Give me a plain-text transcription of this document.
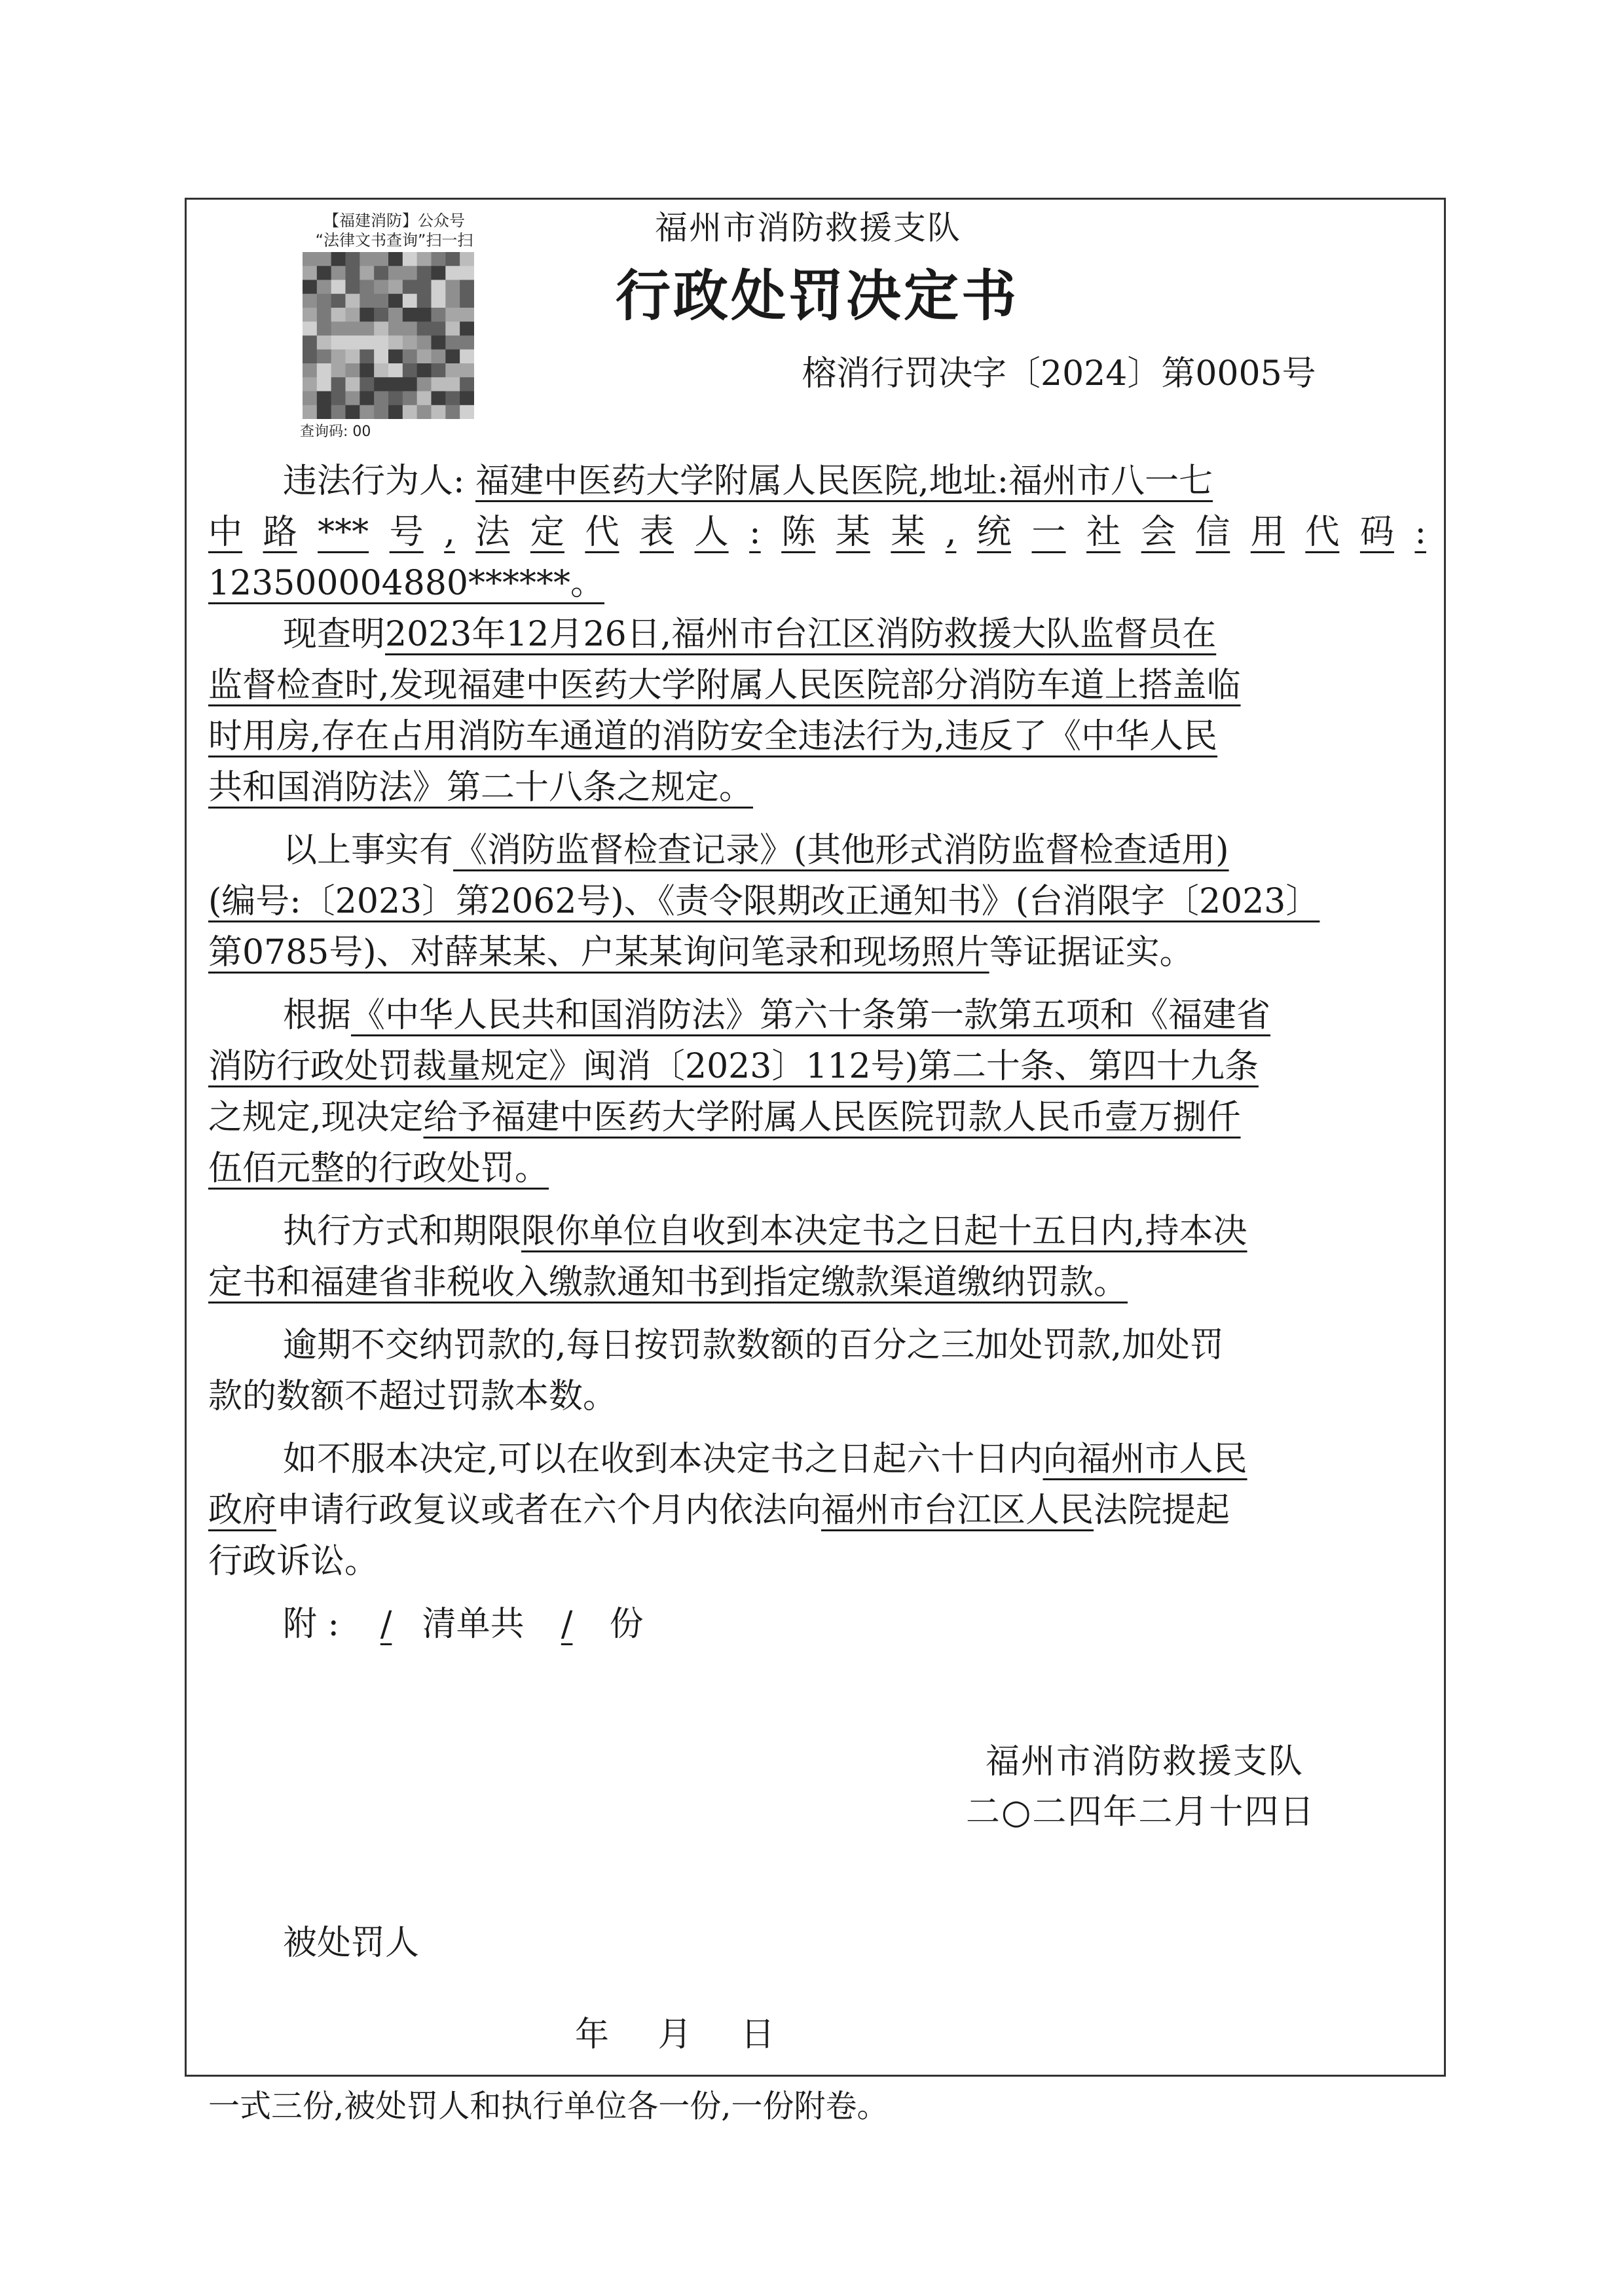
【福建消防】公众号
“法律文书查询”扫一扫
查询码: 00
福州市消防救援支队
行政处罚决定书
榕消行罚决字〔2024〕第0005号
违法行为人: 福建中医药大学附属人民医院,地址:福州市八一七
中 路 *** 号 , 法 定 代 表 人 : 陈 某 某 , 统 一 社 会 信 用 代 码 :
123500004880******。
现查明2023年12月26日,福州市台江区消防救援大队监督员在
监督检查时,发现福建中医药大学附属人民医院部分消防车道上搭盖临
时用房,存在占用消防车通道的消防安全违法行为,违反了《中华人民
共和国消防法》第二十八条之规定。
以上事实有《消防监督检查记录》(其他形式消防监督检查适用)
(编号:〔2023〕第2062号)、《责令限期改正通知书》(台消限字〔2023〕
第0785号)、对薛某某、户某某询问笔录和现场照片等证据证实。
根据《中华人民共和国消防法》第六十条第一款第五项和《福建省
消防行政处罚裁量规定》闽消〔2023〕112号)第二十条、第四十九条
之规定,现决定给予福建中医药大学附属人民医院罚款人民币壹万捌仟
伍佰元整的行政处罚。
执行方式和期限限你单位自收到本决定书之日起十五日内,持本决
定书和福建省非税收入缴款通知书到指定缴款渠道缴纳罚款。
逾期不交纳罚款的,每日按罚款数额的百分之三加处罚款,加处罚
款的数额不超过罚款本数。
如不服本决定,可以在收到本决定书之日起六十日内向福州市人民
政府申请行政复议或者在六个月内依法向福州市台江区人民法院提起
行政诉讼。
附 : / 清单共 / 份
福州市消防救援支队
二○二四年二月十四日
被处罚人
年 月 日
一式三份,被处罚人和执行单位各一份,一份附卷。
